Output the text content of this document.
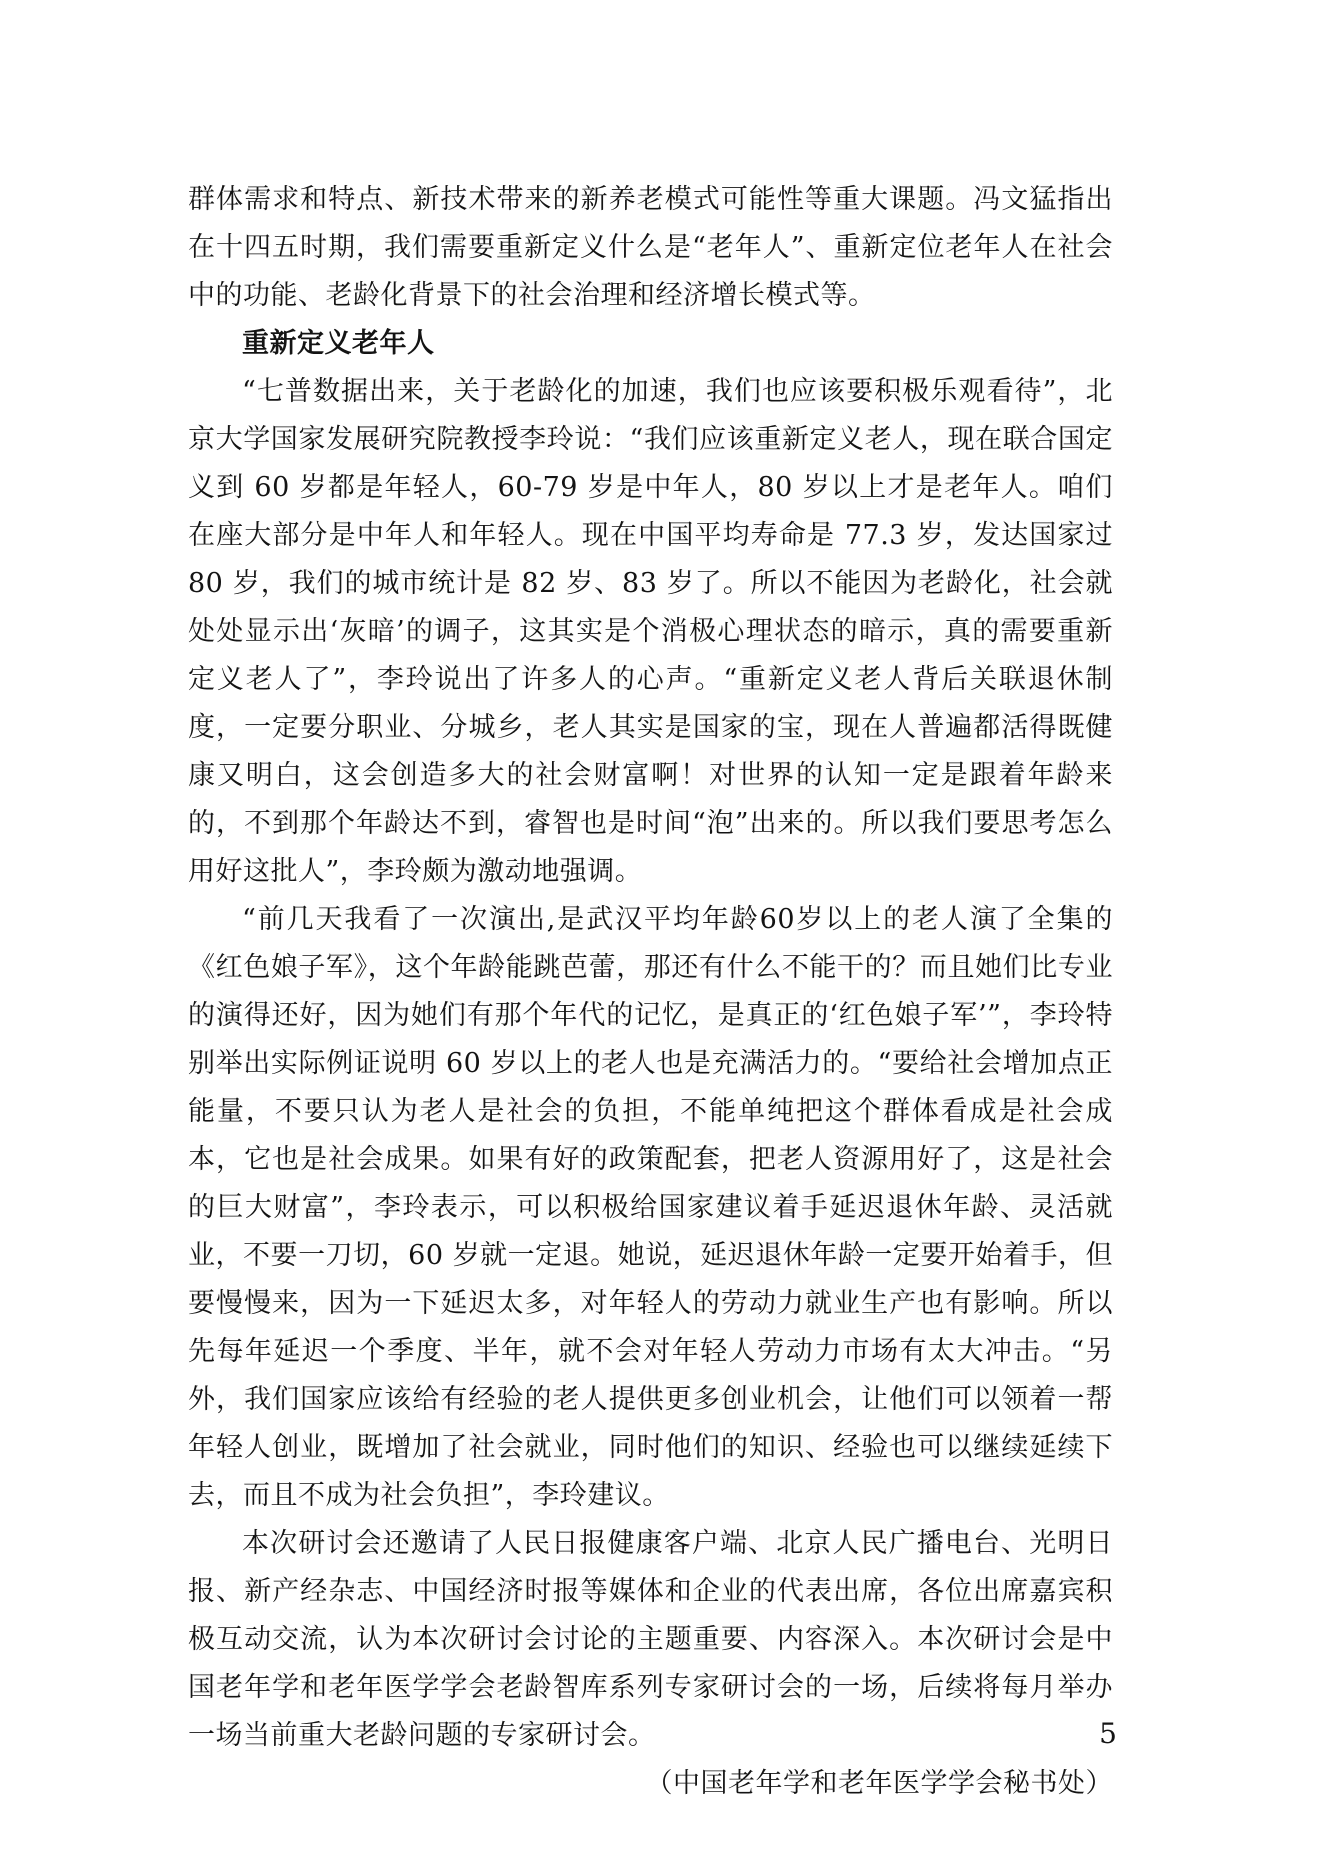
群体需求和特点、新技术带来的新养老模式可能性等重大课题。冯文猛指出在十四五时期，我们需要重新定义什么是“老年人”、重新定位老年人在社会中的功能、老龄化背景下的社会治理和经济增长模式等。

重新定义老年人

“七普数据出来，关于老龄化的加速，我们也应该要积极乐观看待”，北京大学国家发展研究院教授李玲说：“我们应该重新定义老人，现在联合国定义到 60 岁都是年轻人，60-79 岁是中年人，80 岁以上才是老年人。咱们在座大部分是中年人和年轻人。现在中国平均寿命是 77.3 岁，发达国家过 80 岁，我们的城市统计是 82 岁、83 岁了。所以不能因为老龄化，社会就处处显示出‘灰暗’的调子，这其实是个消极心理状态的暗示，真的需要重新定义老人了”，李玲说出了许多人的心声。“重新定义老人背后关联退休制度，一定要分职业、分城乡，老人其实是国家的宝，现在人普遍都活得既健康又明白，这会创造多大的社会财富啊！对世界的认知一定是跟着年龄来的，不到那个年龄达不到，睿智也是时间“泡”出来的。所以我们要思考怎么用好这批人”，李玲颇为激动地强调。

“前几天我看了一次演出,是武汉平均年龄60岁以上的老人演了全集的《红色娘子军》，这个年龄能跳芭蕾，那还有什么不能干的？而且她们比专业的演得还好，因为她们有那个年代的记忆，是真正的‘红色娘子军’”，李玲特别举出实际例证说明 60 岁以上的老人也是充满活力的。“要给社会增加点正能量，不要只认为老人是社会的负担，不能单纯把这个群体看成是社会成本，它也是社会成果。如果有好的政策配套，把老人资源用好了，这是社会的巨大财富”，李玲表示，可以积极给国家建议着手延迟退休年龄、灵活就业，不要一刀切，60 岁就一定退。她说，延迟退休年龄一定要开始着手，但要慢慢来，因为一下延迟太多，对年轻人的劳动力就业生产也有影响。所以先每年延迟一个季度、半年，就不会对年轻人劳动力市场有太大冲击。“另外，我们国家应该给有经验的老人提供更多创业机会，让他们可以领着一帮年轻人创业，既增加了社会就业，同时他们的知识、经验也可以继续延续下去，而且不成为社会负担”，李玲建议。

本次研讨会还邀请了人民日报健康客户端、北京人民广播电台、光明日报、新产经杂志、中国经济时报等媒体和企业的代表出席，各位出席嘉宾积极互动交流，认为本次研讨会讨论的主题重要、内容深入。本次研讨会是中国老年学和老年医学学会老龄智库系列专家研讨会的一场，后续将每月举办一场当前重大老龄问题的专家研讨会。

（中国老年学和老年医学学会秘书处）

5
